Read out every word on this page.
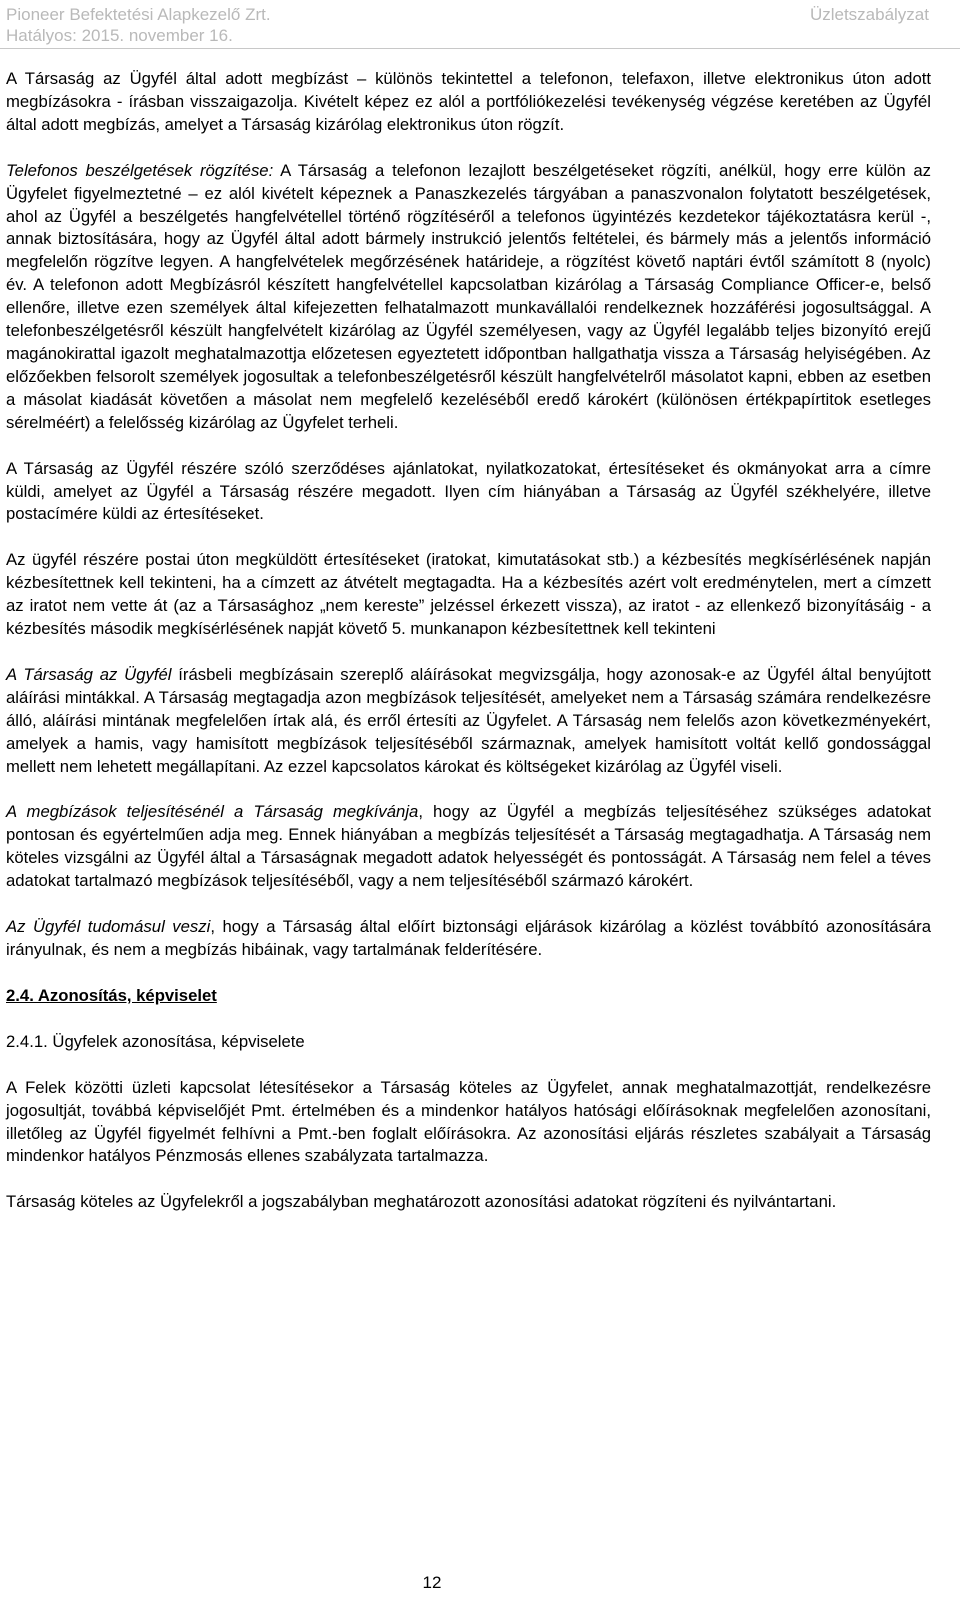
Pioneer Befektetési Alapkezelő Zrt.
Hatályos: 2015. november 16.
Üzletszabályzat

A Társaság az Ügyfél által adott megbízást – különös tekintettel a telefonon, telefaxon, illetve elektronikus úton adott megbízásokra - írásban visszaigazolja. Kivételt képez ez alól a portfóliókezelési tevékenység végzése keretében az Ügyfél által adott megbízás, amelyet a Társaság kizárólag elektronikus úton rögzít.

Telefonos beszélgetések rögzítése: A Társaság a telefonon lezajlott beszélgetéseket rögzíti, anélkül, hogy erre külön az Ügyfelet figyelmeztetné – ez alól kivételt képeznek a Panaszkezelés tárgyában a panaszvonalon folytatott beszélgetések, ahol az Ügyfél a beszélgetés hangfelvétellel történő rögzítéséről a telefonos ügyintézés kezdetekor tájékoztatásra kerül -, annak biztosítására, hogy az Ügyfél által adott bármely instrukció jelentős feltételei, és bármely más a jelentős információ megfelelőn rögzítve legyen. A hangfelvételek megőrzésének határideje, a rögzítést követő naptári évtől számított 8 (nyolc) év. A telefonon adott Megbízásról készített hangfelvétellel kapcsolatban kizárólag a Társaság Compliance Officer-e, belső ellenőre, illetve ezen személyek által kifejezetten felhatalmazott munkavállalói rendelkeznek hozzáférési jogosultsággal. A telefonbeszélgetésről készült hangfelvételt kizárólag az Ügyfél személyesen, vagy az Ügyfél legalább teljes bizonyító erejű magánokirattal igazolt meghatalmazottja előzetesen egyeztetett időpontban hallgathatja vissza a Társaság helyiségében. Az előzőekben felsorolt személyek jogosultak a telefonbeszélgetésről készült hangfelvételről másolatot kapni, ebben az esetben a másolat kiadását követően a másolat nem megfelelő kezeléséből eredő károkért (különösen értékpapírtitok esetleges sérelméért) a felelősség kizárólag az Ügyfelet terheli.

A Társaság az Ügyfél részére szóló szerződéses ajánlatokat, nyilatkozatokat, értesítéseket és okmányokat arra a címre küldi, amelyet az Ügyfél a Társaság részére megadott. Ilyen cím hiányában a Társaság az Ügyfél székhelyére, illetve postacímére küldi az értesítéseket.

Az ügyfél részére postai úton megküldött értesítéseket (iratokat, kimutatásokat stb.) a kézbesítés megkísérlésének napján kézbesítettnek kell tekinteni, ha a címzett az átvételt megtagadta. Ha a kézbesítés azért volt eredménytelen, mert a címzett az iratot nem vette át (az a Társasághoz „nem kereste” jelzéssel érkezett vissza), az iratot - az ellenkező bizonyításáig - a kézbesítés második megkísérlésének napját követő 5. munkanapon kézbesítettnek kell tekinteni

A Társaság az Ügyfél írásbeli megbízásain szereplő aláírásokat megvizsgálja, hogy azonosak-e az Ügyfél által benyújtott aláírási mintákkal. A Társaság megtagadja azon megbízások teljesítését, amelyeket nem a Társaság számára rendelkezésre álló, aláírási mintának megfelelően írtak alá, és erről értesíti az Ügyfelet. A Társaság nem felelős azon következményekért, amelyek a hamis, vagy hamisított megbízások teljesítéséből származnak, amelyek hamisított voltát kellő gondossággal mellett nem lehetett megállapítani. Az ezzel kapcsolatos károkat és költségeket kizárólag az Ügyfél viseli.

A megbízások teljesítésénél a Társaság megkívánja, hogy az Ügyfél a megbízás teljesítéséhez szükséges adatokat pontosan és egyértelműen adja meg. Ennek hiányában a megbízás teljesítését a Társaság megtagadhatja. A Társaság nem köteles vizsgálni az Ügyfél által a Társaságnak megadott adatok helyességét és pontosságát. A Társaság nem felel a téves adatokat tartalmazó megbízások teljesítéséből, vagy a nem teljesítéséből származó károkért.

Az Ügyfél tudomásul veszi, hogy a Társaság által előírt biztonsági eljárások kizárólag a közlést továbbító azonosítására irányulnak, és nem a megbízás hibáinak, vagy tartalmának felderítésére.

2.4. Azonosítás, képviselet

2.4.1. Ügyfelek azonosítása, képviselete

A Felek közötti üzleti kapcsolat létesítésekor a Társaság köteles az Ügyfelet, annak meghatalmazottját, rendelkezésre jogosultját, továbbá képviselőjét Pmt. értelmében és a mindenkor hatályos hatósági előírásoknak megfelelően azonosítani, illetőleg az Ügyfél figyelmét felhívni a Pmt.-ben foglalt előírásokra. Az azonosítási eljárás részletes szabályait a Társaság mindenkor hatályos Pénzmosás ellenes szabályzata tartalmazza.

Társaság köteles az Ügyfelekről a jogszabályban meghatározott azonosítási adatokat rögzíteni és nyilvántartani.

12
